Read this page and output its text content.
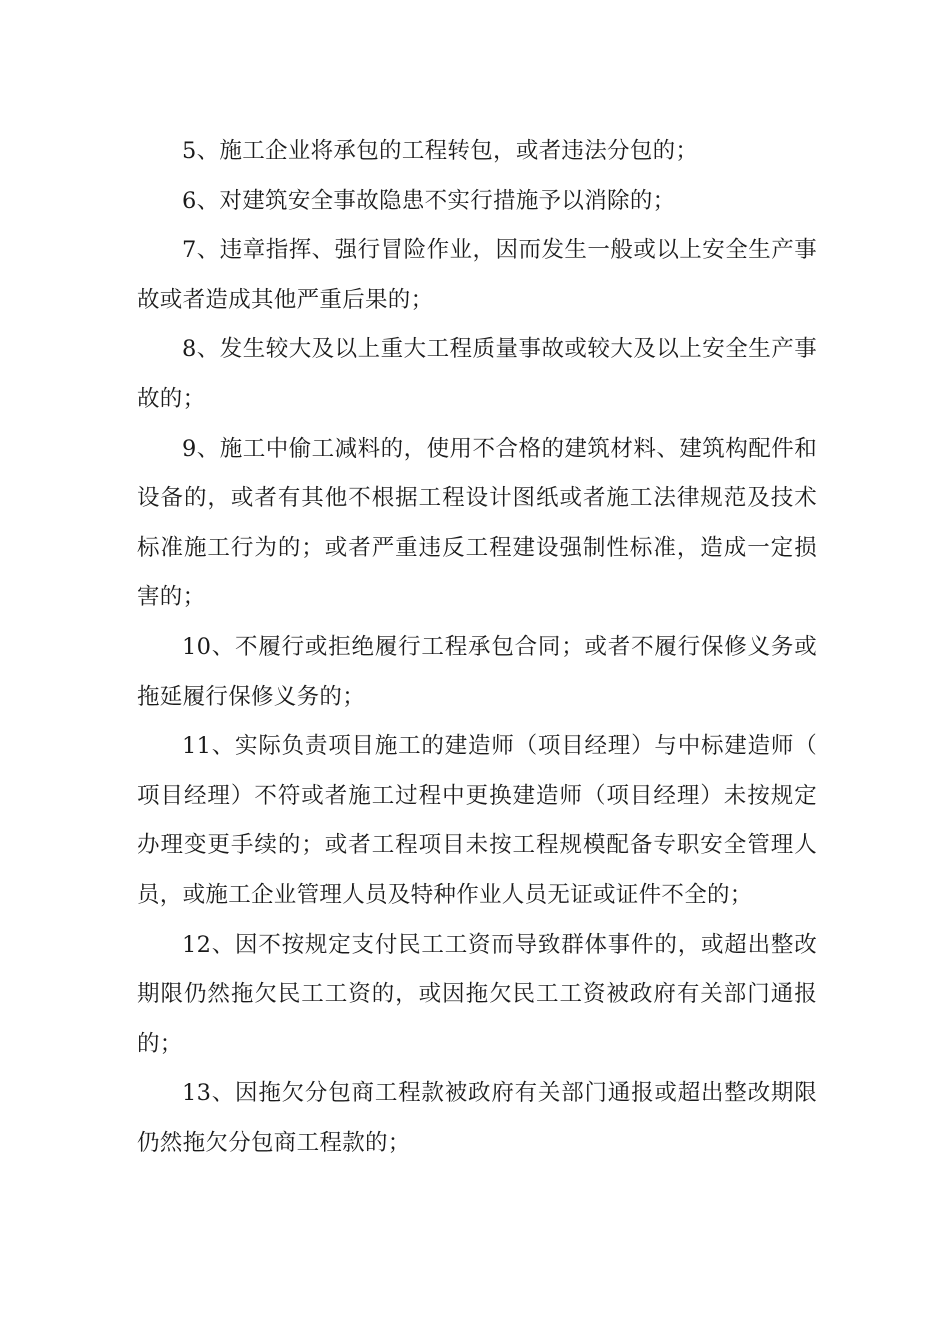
5、施工企业将承包的工程转包，或者违法分包的；

6、对建筑安全事故隐患不实行措施予以消除的；

7、违章指挥、强行冒险作业，因而发生一般或以上安全生产事故或者造成其他严重后果的；

8、发生较大及以上重大工程质量事故或较大及以上安全生产事故的；

9、施工中偷工减料的，使用不合格的建筑材料、建筑构配件和设备的，或者有其他不根据工程设计图纸或者施工法律规范及技术标准施工行为的；或者严重违反工程建设强制性标准，造成一定损害的；

10、不履行或拒绝履行工程承包合同；或者不履行保修义务或拖延履行保修义务的；

11、实际负责项目施工的建造师（项目经理）与中标建造师（项目经理）不符或者施工过程中更换建造师（项目经理）未按规定办理变更手续的；或者工程项目未按工程规模配备专职安全管理人员，或施工企业管理人员及特种作业人员无证或证件不全的；

12、因不按规定支付民工工资而导致群体事件的，或超出整改期限仍然拖欠民工工资的，或因拖欠民工工资被政府有关部门通报的；

13、因拖欠分包商工程款被政府有关部门通报或超出整改期限仍然拖欠分包商工程款的；
